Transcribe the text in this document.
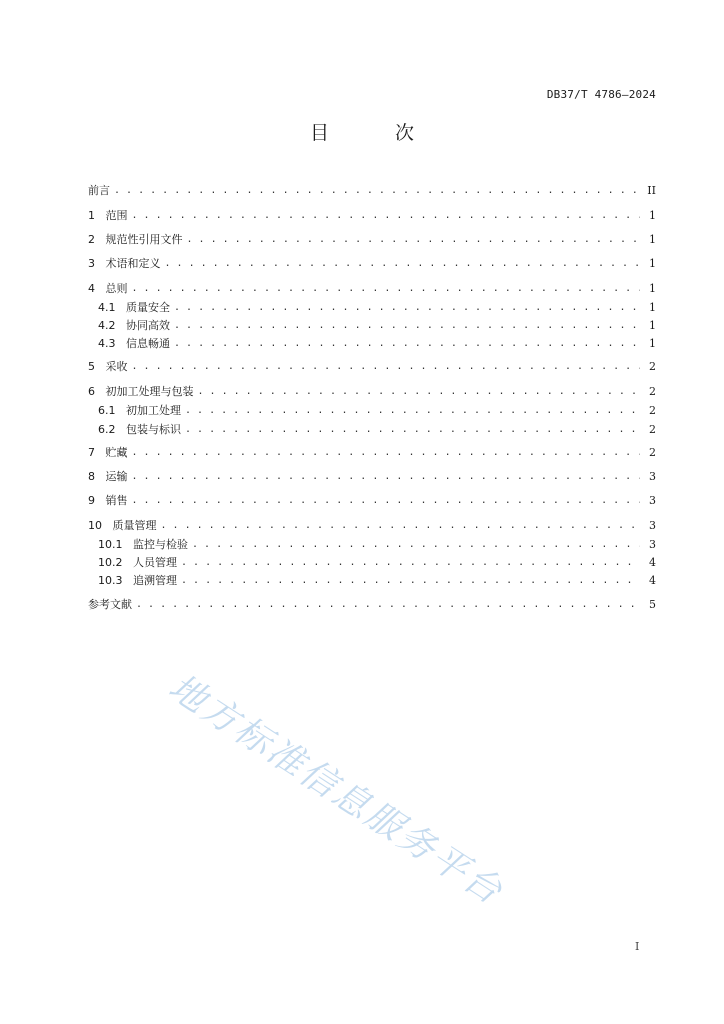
DB37/T 4786—2024
目 次
前言 . . .	II
1 范围 . . .	1
2 规范性引用文件 . . .	1
3 术语和定义 . . .	1
4 总则 . . .	1
4.1 质量安全 . . .	1
4.2 协同高效 . . .	1
4.3 信息畅通 . . .	1
5 采收 . . .	2
6 初加工处理与包装 . . .	2
6.1 初加工处理 . . .	2
6.2 包装与标识 . . .	2
7 贮藏 . . .	2
8 运输 . . .	3
9 销售 . . .	3
10 质量管理 . . .	3
10.1 监控与检验 . . .	3
10.2 人员管理 . . .	4
10.3 追溯管理 . . .	4
参考文献 . . .	5
地方标准信息服务平台
I
